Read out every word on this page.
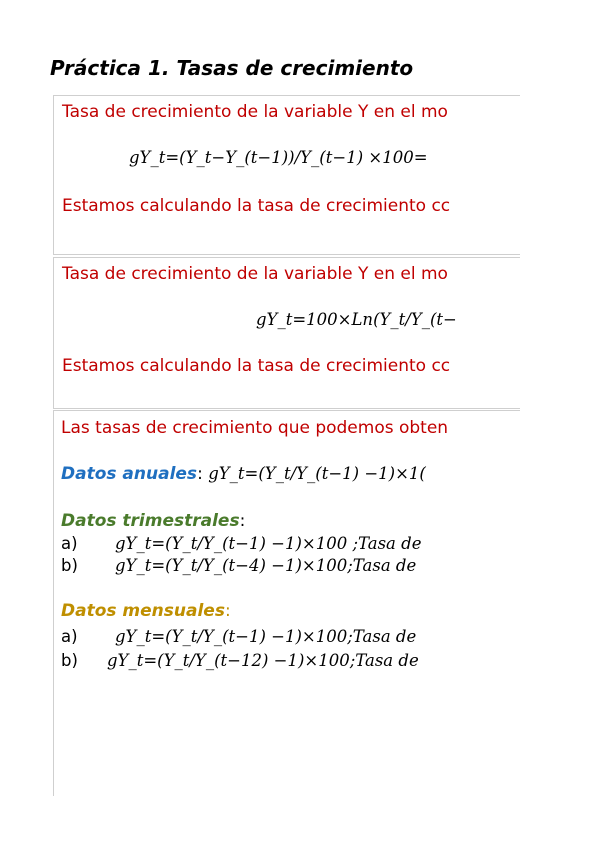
Práctica 1. Tasas de crecimiento
Tasa de crecimiento de la variable Y en el mo
gY_t=(Y_t−Y_(t−1))/Y_(t−1) ×100=
Estamos calculando la tasa de crecimiento cc
Tasa de crecimiento de la variable Y en el mo
gY_t=100×Ln(Y_t/Y_(t−
Estamos calculando la tasa de crecimiento cc
Las tasas de crecimiento que podemos obten
Datos anuales: gY_t=(Y_t/Y_(t−1) −1)×1(
Datos trimestrales:
a) gY_t=(Y_t/Y_(t−1) −1)×100 ;Tasa de
b) gY_t=(Y_t/Y_(t−4) −1)×100;Tasa de
Datos mensuales:
a) gY_t=(Y_t/Y_(t−1) −1)×100;Tasa de
b) gY_t=(Y_t/Y_(t−12) −1)×100;Tasa de
